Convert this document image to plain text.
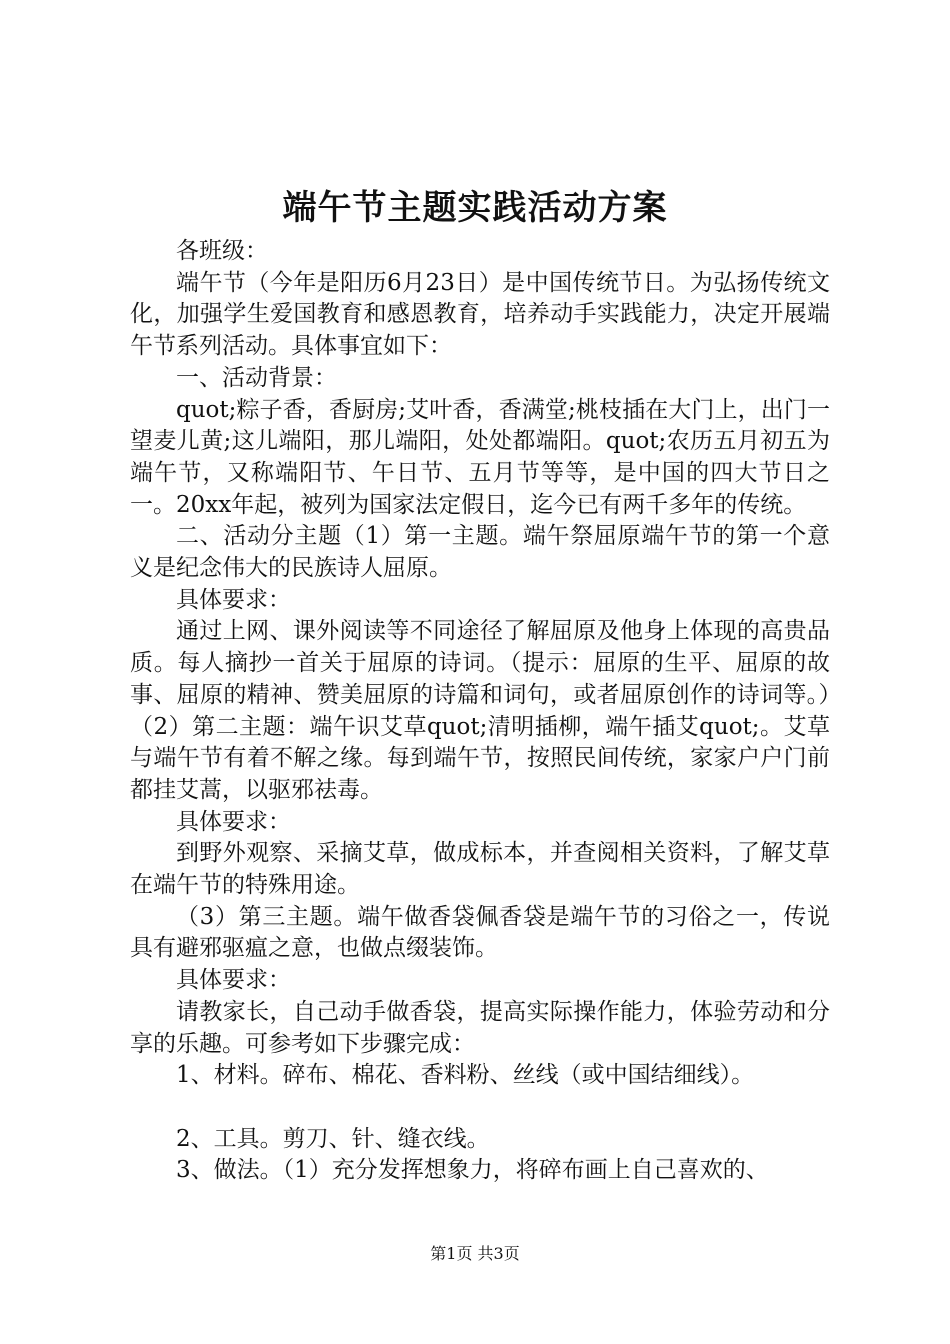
端午节主题实践活动方案

各班级：

端午节（今年是阳历6月23日）是中国传统节日。为弘扬传统文化，加强学生爱国教育和感恩教育，培养动手实践能力，决定开展端午节系列活动。具体事宜如下：

一、活动背景：

quot;粽子香，香厨房;艾叶香，香满堂;桃枝插在大门上，出门一望麦儿黄;这儿端阳，那儿端阳，处处都端阳。quot;农历五月初五为端午节，又称端阳节、午日节、五月节等等，是中国的四大节日之一。20xx年起，被列为国家法定假日，迄今已有两千多年的传统。

二、活动分主题（1）第一主题。端午祭屈原端午节的第一个意义是纪念伟大的民族诗人屈原。

具体要求：

通过上网、课外阅读等不同途径了解屈原及他身上体现的高贵品质。每人摘抄一首关于屈原的诗词。（提示：屈原的生平、屈原的故事、屈原的精神、赞美屈原的诗篇和词句，或者屈原创作的诗词等。）（2）第二主题：端午识艾草quot;清明插柳，端午插艾quot;。艾草与端午节有着不解之缘。每到端午节，按照民间传统，家家户户门前都挂艾蒿，以驱邪祛毒。

具体要求：

到野外观察、采摘艾草，做成标本，并查阅相关资料，了解艾草在端午节的特殊用途。

（3）第三主题。端午做香袋佩香袋是端午节的习俗之一，传说具有避邪驱瘟之意，也做点缀装饰。

具体要求：

请教家长，自己动手做香袋，提高实际操作能力，体验劳动和分享的乐趣。可参考如下步骤完成：

1、材料。碎布、棉花、香料粉、丝线（或中国结细线）。

2、工具。剪刀、针、缝衣线。

3、做法。（1）充分发挥想象力，将碎布画上自己喜欢的、

第1页 共3页
